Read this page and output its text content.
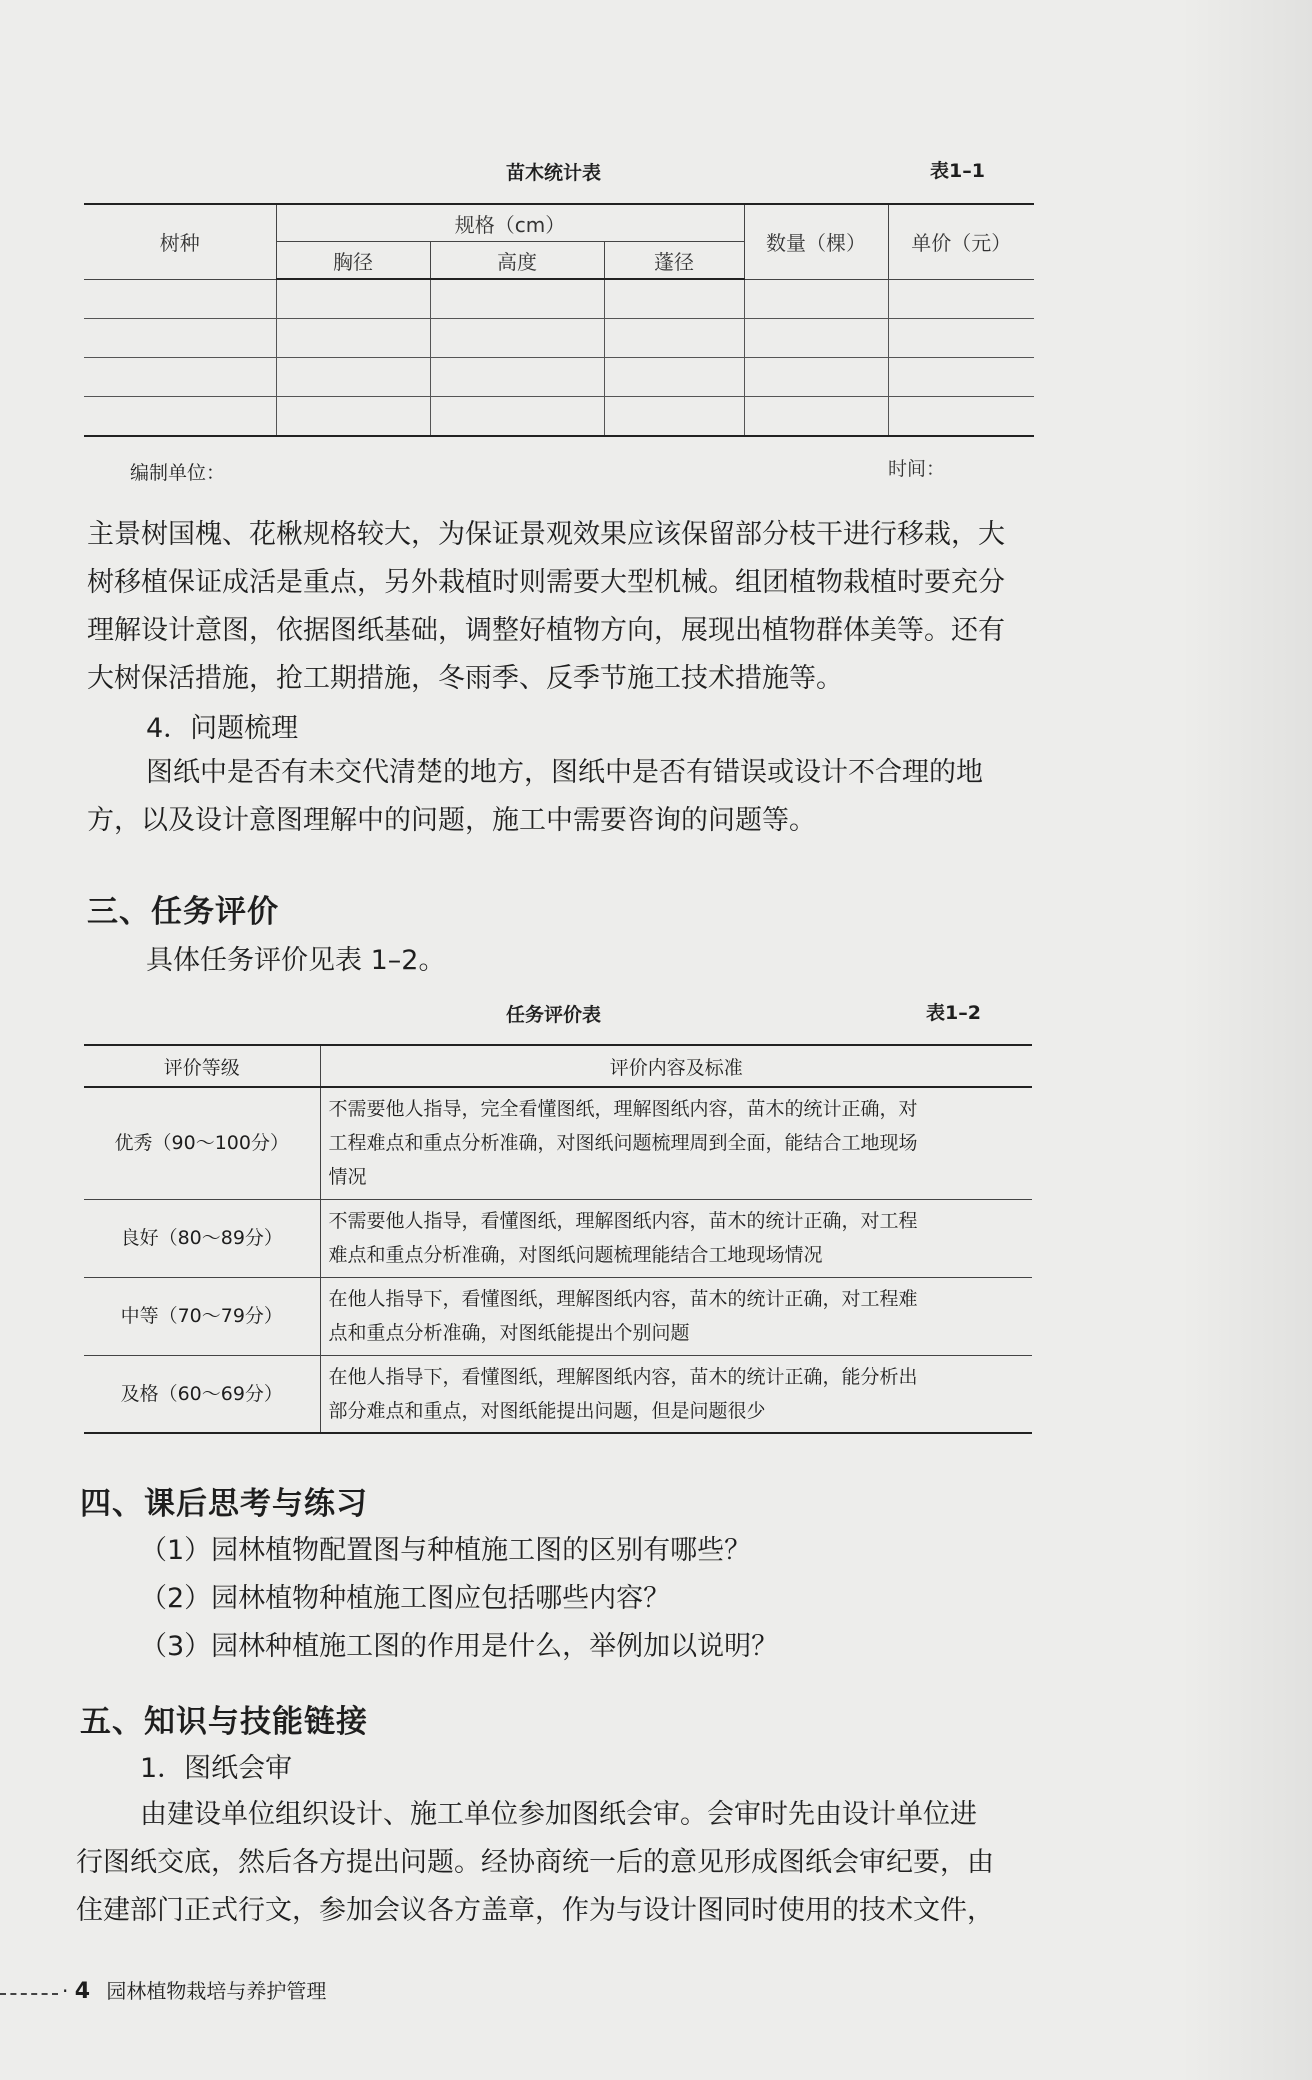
苗木统计表	表1–1
树种	规格（cm）			数量（棵）	单价（元）
	胸径	高度	蓬径		

编制单位：	时间：
主景树国槐、花楸规格较大，为保证景观效果应该保留部分枝干进行移栽，大
树移植保证成活是重点，另外栽植时则需要大型机械。组团植物栽植时要充分
理解设计意图，依据图纸基础，调整好植物方向，展现出植物群体美等。还有
大树保活措施，抢工期措施，冬雨季、反季节施工技术措施等。
4．问题梳理
图纸中是否有未交代清楚的地方，图纸中是否有错误或设计不合理的地
方，以及设计意图理解中的问题，施工中需要咨询的问题等。
三、任务评价
具体任务评价见表 1–2。
任务评价表	表1–2
评价等级	评价内容及标准
优秀（90～100分）	不需要他人指导，完全看懂图纸，理解图纸内容，苗木的统计正确，对
工程难点和重点分析准确，对图纸问题梳理周到全面，能结合工地现场
情况

良好（80～89分）	不需要他人指导，看懂图纸，理解图纸内容，苗木的统计正确，对工程
难点和重点分析准确，对图纸问题梳理能结合工地现场情况

中等（70～79分）	在他人指导下，看懂图纸，理解图纸内容，苗木的统计正确，对工程难
点和重点分析准确，对图纸能提出个别问题

及格（60～69分）	在他人指导下，看懂图纸，理解图纸内容，苗木的统计正确，能分析出
部分难点和重点，对图纸能提出问题，但是问题很少
四、课后思考与练习
（1）园林植物配置图与种植施工图的区别有哪些？
（2）园林植物种植施工图应包括哪些内容？
（3）园林种植施工图的作用是什么，举例加以说明？
五、知识与技能链接
1．图纸会审
由建设单位组织设计、施工单位参加图纸会审。会审时先由设计单位进
行图纸交底，然后各方提出问题。经协商统一后的意见形成图纸会审纪要，由
住建部门正式行文，参加会议各方盖章，作为与设计图同时使用的技术文件，
· 4 园林植物栽培与养护管理
